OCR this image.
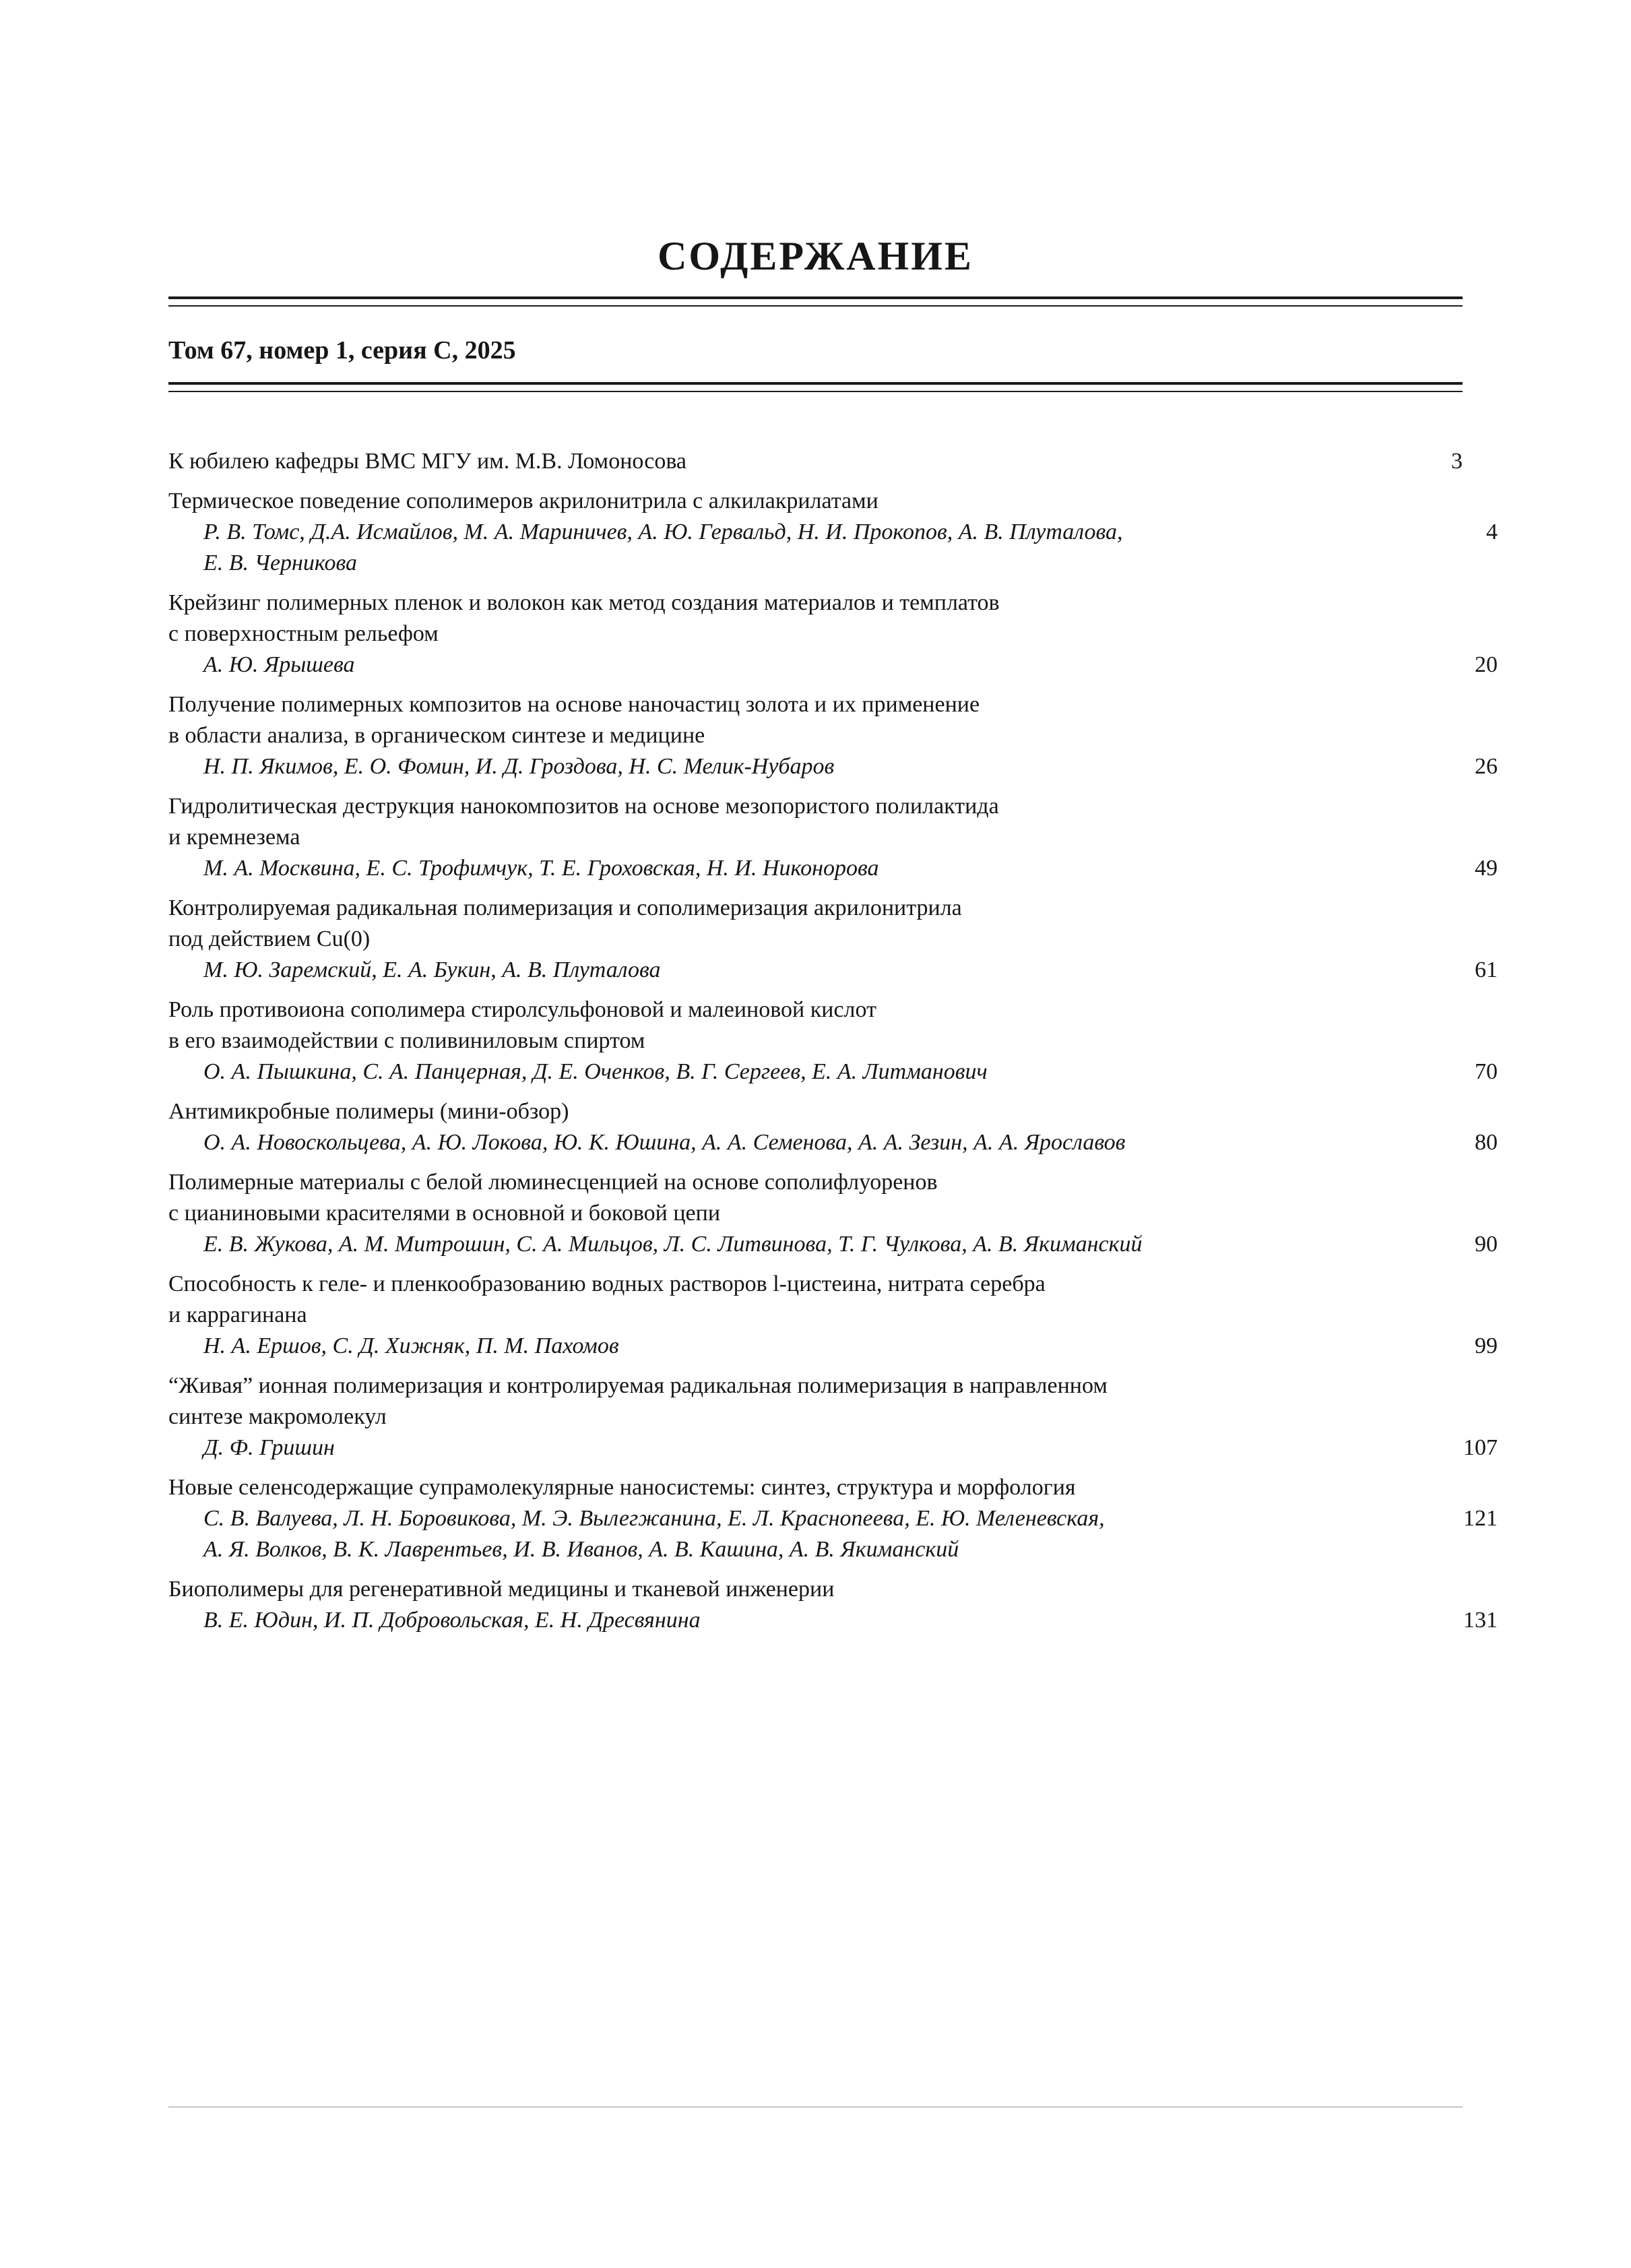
СОДЕРЖАНИЕ
Том 67, номер 1, серия С, 2025
К юбилею кафедры ВМС МГУ им. М.В. Ломоносова	3
Термическое поведение сополимеров акрилонитрила с алкилакрилатами
Р. В. Томс, Д.А. Исмайлов, М. А. Мариничев, А. Ю. Гервальд, Н. И. Прокопов, А. В. Плуталова,	4
Е. В. Черникова
Крейзинг полимерных пленок и волокон как метод создания материалов и темплатов
с поверхностным рельефом
А. Ю. Ярышева	20
Получение полимерных композитов на основе наночастиц золота и их применение
в области анализа, в органическом синтезе и медицине
Н. П. Якимов, Е. О. Фомин, И. Д. Гроздова, Н. С. Мелик-Нубаров	26
Гидролитическая деструкция нанокомпозитов на основе мезопористого полилактида
и кремнезема
М. А. Москвина, Е. С. Трофимчук, Т. Е. Гроховская, Н. И. Никонорова	49
Контролируемая радикальная полимеризация и сополимеризация акрилонитрила
под действием Cu(0)
М. Ю. Заремский, Е. А. Букин, А. В. Плуталова	61
Роль противоиона сополимера стиролсульфоновой и малеиновой кислот
в его взаимодействии с поливиниловым спиртом
О. А. Пышкина, С. А. Панцерная, Д. Е. Оченков, В. Г. Сергеев, Е. А. Литманович	70
Антимикробные полимеры (мини-обзор)
О. А. Новоскольцева, А. Ю. Локова, Ю. К. Юшина, А. А. Семенова, А. А. Зезин, А. А. Ярославов	80
Полимерные материалы с белой люминесценцией на основе сополифлуоренов
с цианиновыми красителями в основной и боковой цепи
Е. В. Жукова, А. М. Митрошин, С. А. Мильцов, Л. С. Литвинова, Т. Г. Чулкова, А. В. Якиманский	90
Способность к геле- и пленкообразованию водных растворов l-цистеина, нитрата серебра
и каррагинана
Н. А. Ершов, С. Д. Хижняк, П. М. Пахомов	99
“Живая” ионная полимеризация и контролируемая радикальная полимеризация в направленном
синтезе макромолекул
Д. Ф. Гришин	107
Новые селенсодержащие супрамолекулярные наносистемы: синтез, структура и морфология
С. В. Валуева, Л. Н. Боровикова, М. Э. Вылегжанина, Е. Л. Краснопеева, Е. Ю. Меленевская,	121
А. Я. Волков, В. К. Лаврентьев, И. В. Иванов, А. В. Кашина, А. В. Якиманский
Биополимеры для регенеративной медицины и тканевой инженерии
В. Е. Юдин, И. П. Добровольская, Е. Н. Дресвянина	131
